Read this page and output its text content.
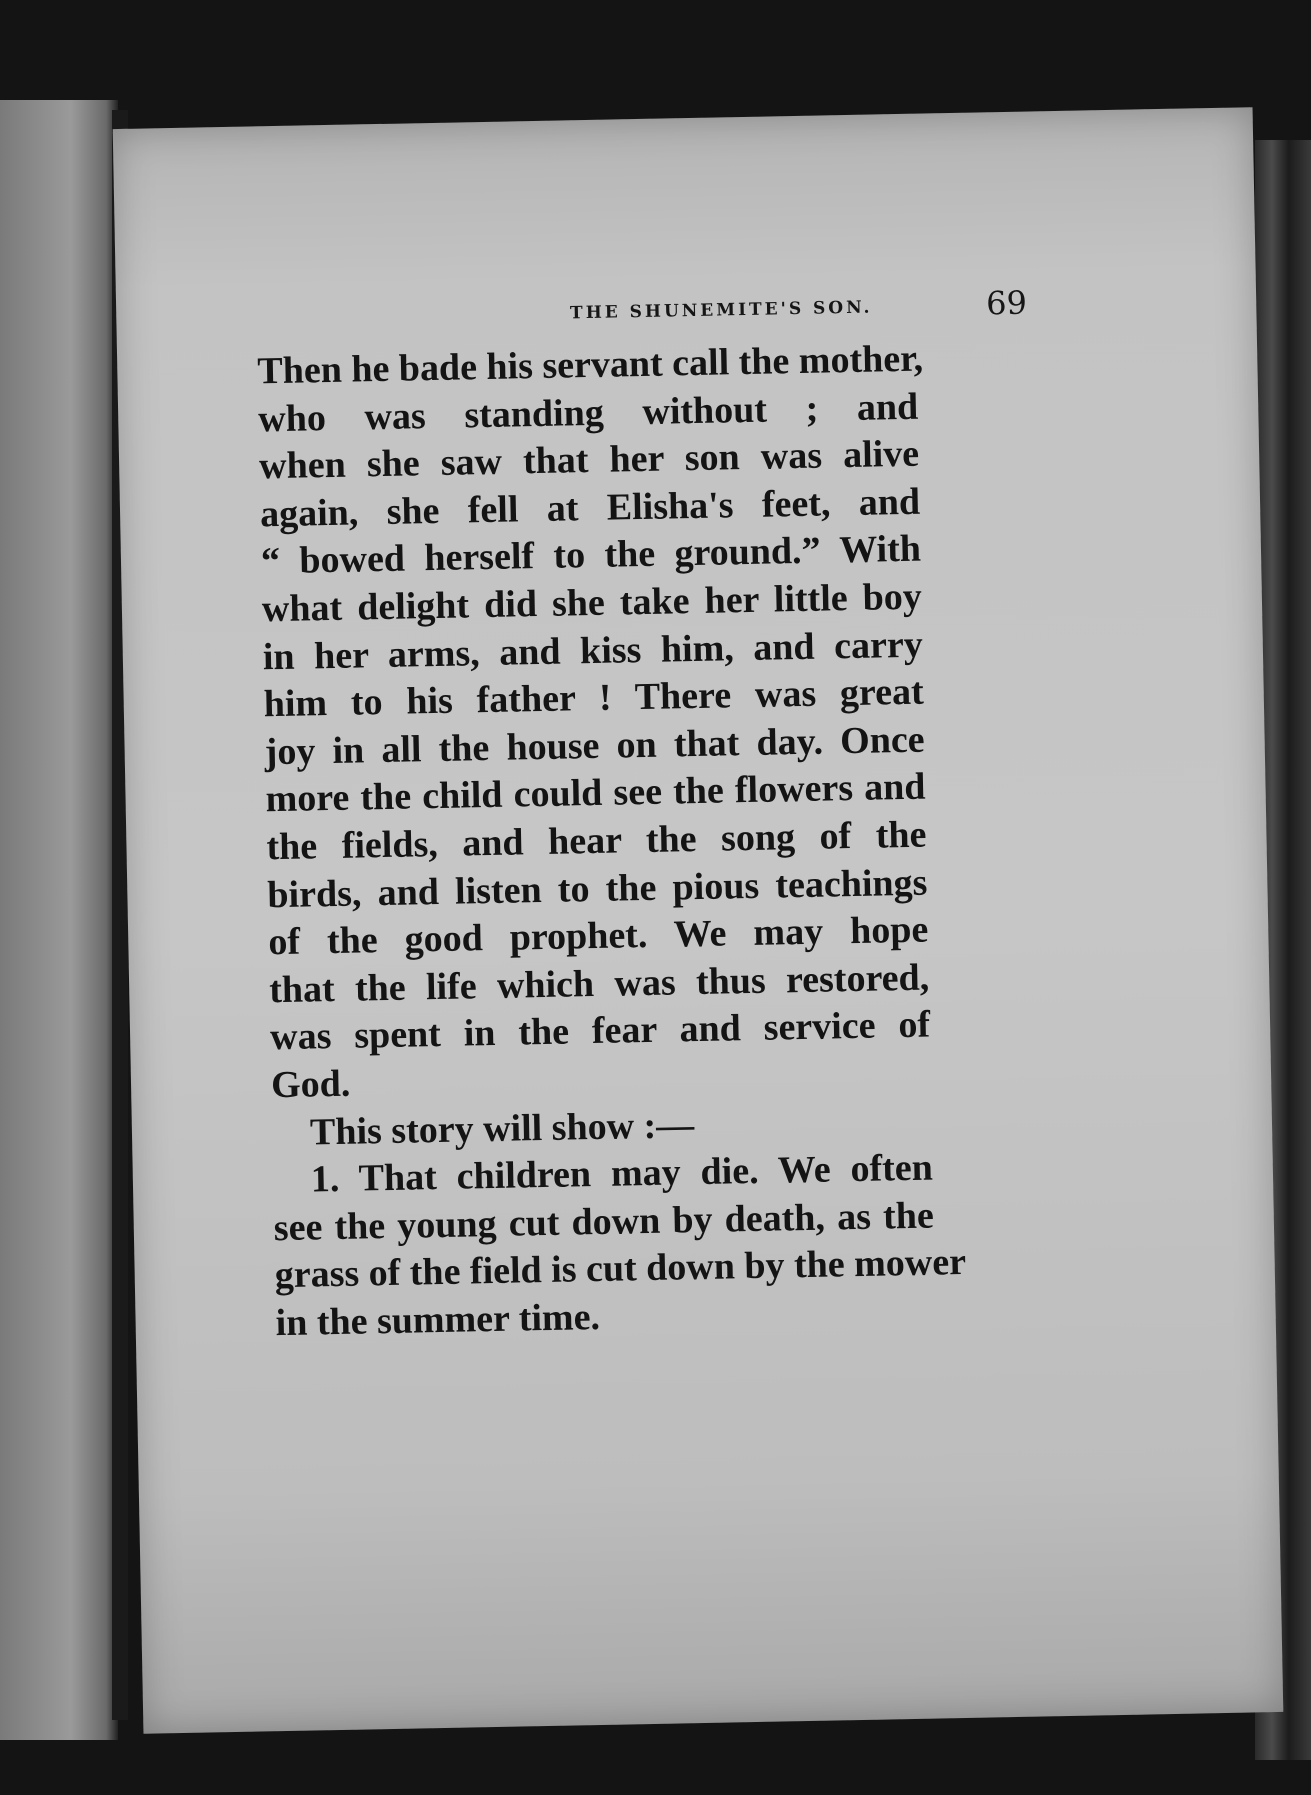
THE SHUNEMITE'S SON.	69
Then he bade his servant call the mother,
who was standing without ; and
when she saw that her son was alive
again, she fell at Elisha's feet, and
“ bowed herself to the ground.” With
what delight did she take her little boy
in her arms, and kiss him, and carry
him to his father ! There was great
joy in all the house on that day. Once
more the child could see the flowers and
the fields, and hear the song of the
birds, and listen to the pious teachings
of the good prophet. We may hope
that the life which was thus restored,
was spent in the fear and service of
God.
This story will show :—
1. That children may die. We often
see the young cut down by death, as the
grass of the field is cut down by the mower
in the summer time.
